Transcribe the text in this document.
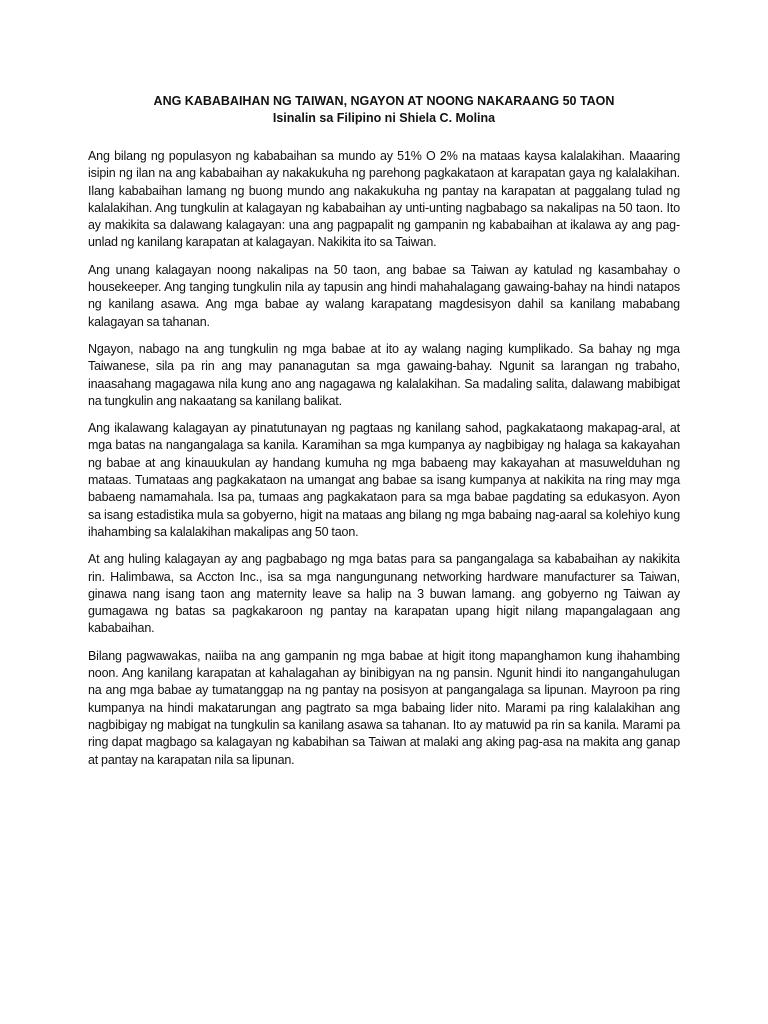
ANG KABABAIHAN NG TAIWAN, NGAYON AT NOONG NAKARAANG 50 TAON

Isinalin sa Filipino ni Shiela C. Molina

Ang bilang ng populasyon ng kababaihan sa mundo ay 51% O 2% na mataas kaysa kalalakihan. Maaaring isipin ng ilan na ang kababaihan ay nakakukuha ng parehong pagkakataon at karapatan gaya ng kalalakihan. Ilang kababaihan lamang ng buong mundo ang nakakukuha ng pantay na karapatan at paggalang tulad ng kalalakihan. Ang tungkulin at kalagayan ng kababaihan ay unti-unting nagbabago sa nakalipas na 50 taon. Ito ay makikita sa dalawang kalagayan: una ang pagpapalit ng gampanin ng kababaihan at ikalawa ay ang pag-unlad ng kanilang karapatan at kalagayan. Nakikita ito sa Taiwan.

Ang unang kalagayan noong nakalipas na 50 taon, ang babae sa Taiwan ay katulad ng kasambahay o housekeeper. Ang tanging tungkulin nila ay tapusin ang hindi mahahalagang gawaing-bahay na hindi natapos ng kanilang asawa. Ang mga babae ay walang karapatang magdesisyon dahil sa kanilang mababang kalagayan sa tahanan.

Ngayon, nabago na ang tungkulin ng mga babae at ito ay walang naging kumplikado. Sa bahay ng mga Taiwanese, sila pa rin ang may pananagutan sa mga gawaing-bahay. Ngunit sa larangan ng trabaho, inaasahang magagawa nila kung ano ang nagagawa ng kalalakihan. Sa madaling salita, dalawang mabibigat na tungkulin ang nakaatang sa kanilang balikat.

Ang ikalawang kalagayan ay pinatutunayan ng pagtaas ng kanilang sahod, pagkakataong makapag-aral, at mga batas na nangangalaga sa kanila. Karamihan sa mga kumpanya ay nagbibigay ng halaga sa kakayahan ng babae at ang kinauukulan ay handang kumuha ng mga babaeng may kakayahan at masuwelduhan ng mataas. Tumataas ang pagkakataon na umangat ang babae sa isang kumpanya at nakikita na ring may mga babaeng namamahala. Isa pa, tumaas ang pagkakataon para sa mga babae pagdating sa edukasyon. Ayon sa isang estadistika mula sa gobyerno, higit na mataas ang bilang ng mga babaing nag-aaral sa kolehiyo kung ihahambing sa kalalakihan makalipas ang 50 taon.

At ang huling kalagayan ay ang pagbabago ng mga batas para sa pangangalaga sa kababaihan ay nakikita rin. Halimbawa, sa Accton Inc., isa sa mga nangungunang networking hardware manufacturer sa Taiwan, ginawa nang isang taon ang maternity leave sa halip na 3 buwan lamang. ang gobyerno ng Taiwan ay gumagawa ng batas sa pagkakaroon ng pantay na karapatan upang higit nilang mapangalagaan ang kababaihan.

Bilang pagwawakas, naiiba na ang gampanin ng mga babae at higit itong mapanghamon kung ihahambing noon. Ang kanilang karapatan at kahalagahan ay binibigyan na ng pansin. Ngunit hindi ito nangangahulugan na ang mga babae ay tumatanggap na ng pantay na posisyon at pangangalaga sa lipunan. Mayroon pa ring kumpanya na hindi makatarungan ang pagtrato sa mga babaing lider nito. Marami pa ring kalalakihan ang nagbibigay ng mabigat na tungkulin sa kanilang asawa sa tahanan. Ito ay matuwid pa rin sa kanila. Marami pa ring dapat magbago sa kalagayan ng kababihan sa Taiwan at malaki ang aking pag-asa na makita ang ganap at pantay na karapatan nila sa lipunan.
